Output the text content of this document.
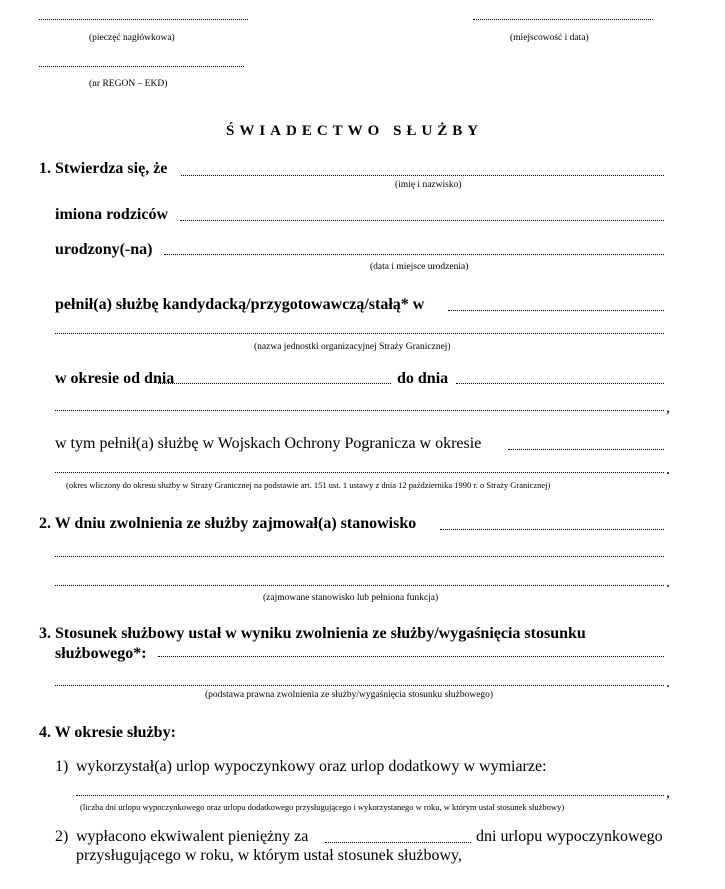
(pieczęć nagłówkowa)	(miejscowość i data)
(nr REGON – EKD)
ŚWIADECTWO SŁUŻBY
1. Stwierdza się, że
(imię i nazwisko)
imiona rodziców
urodzony(-na)
(data i miejsce urodzenia)
pełnił(a) służbę kandydacką/przygotowawczą/stałą* w
(nazwa jednostki organizacyjnej Straży Granicznej)
w okresie od dnia	do dnia
,
w tym pełnił(a) służbę w Wojskach Ochrony Pogranicza w okresie
.
(okres wliczony do okresu służby w Straży Granicznej na podstawie art. 151 ust. 1 ustawy z dnia 12 października 1990 r. o Straży Granicznej)
2. W dniu zwolnienia ze służby zajmował(a) stanowisko
.
(zajmowane stanowisko lub pełniona funkcja)
3. Stosunek służbowy ustał w wyniku zwolnienia ze służby/wygaśnięcia stosunku
służbowego*:
.
(podstawa prawna zwolnienia ze służby/wygaśnięcia stosunku służbowego)
4. W okresie służby:
1) wykorzystał(a) urlop wypoczynkowy oraz urlop dodatkowy w wymiarze:
,
(liczba dni urlopu wypoczynkowego oraz urlopu dodatkowego przysługującego i wykorzystanego w roku, w którym ustał stosunek służbowy)
2) wypłacono ekwiwalent pieniężny za	dni urlopu wypoczynkowego
przysługującego w roku, w którym ustał stosunek służbowy,
